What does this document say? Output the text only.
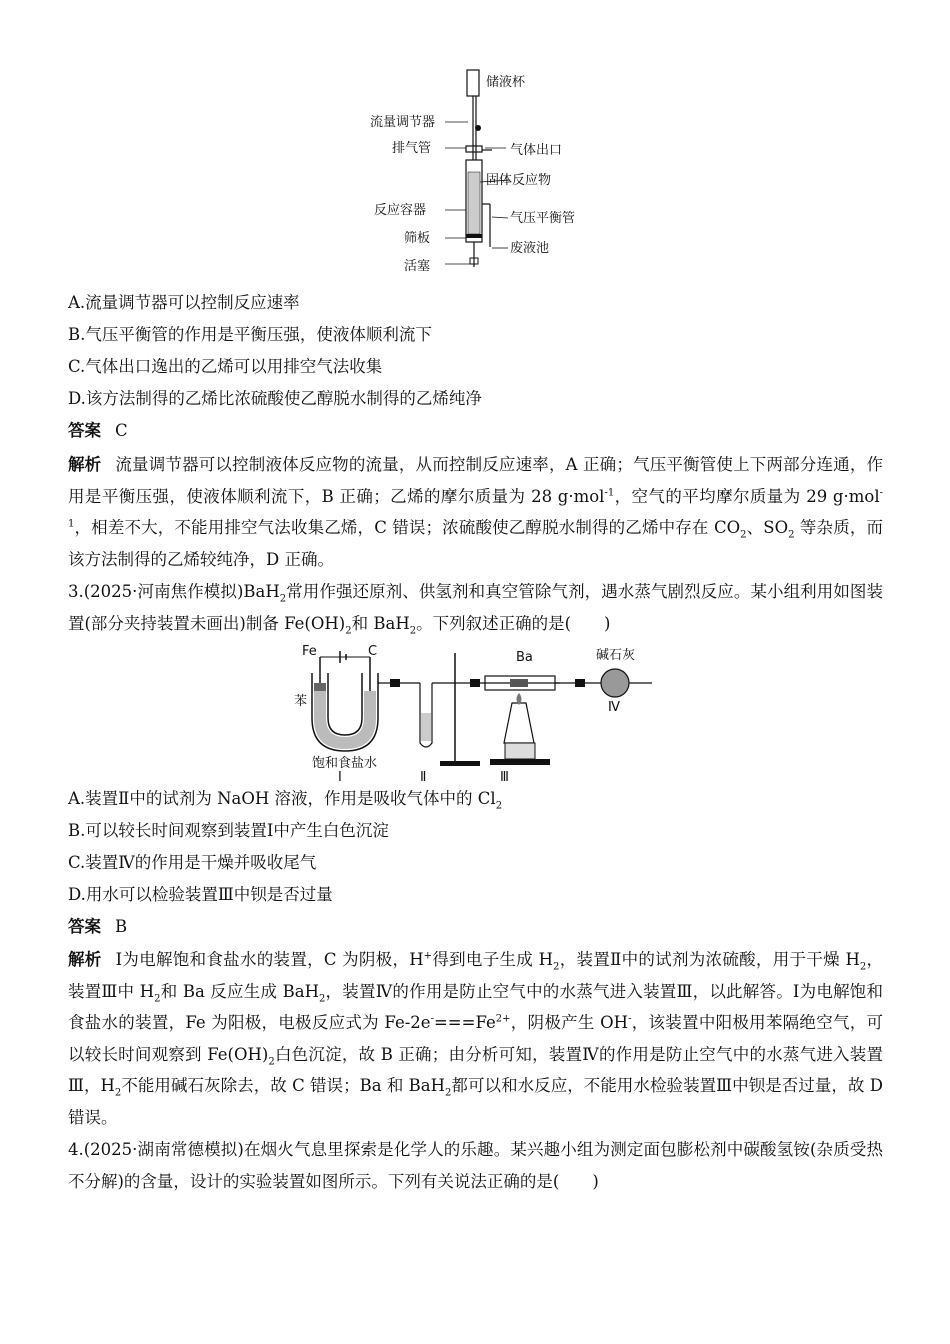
储液杯
流量调节器
排气管	气体出口
固体反应物
反应容器
气压平衡管
筛板
废液池
活塞
A.流量调节器可以控制反应速率
B.气压平衡管的作用是平衡压强，使液体顺利流下
C.气体出口逸出的乙烯可以用排空气法收集
D.该方法制得的乙烯比浓硫酸使乙醇脱水制得的乙烯纯净
答案 C
解析 流量调节器可以控制液体反应物的流量，从而控制反应速率，A 正确；气压平衡管使上下两部分连通，作用是平衡压强，使液体顺利流下，B 正确；乙烯的摩尔质量为 28 g·mol$^{-1}$，空气的平均摩尔质量为 29 g·mol$^{-1}$，相差不大，不能用排空气法收集乙烯，C 错误；浓硫酸使乙醇脱水制得的乙烯中存在 $CO_2$、$SO_2$ 等杂质，而该方法制得的乙烯较纯净，D 正确。
3.(2025·河南焦作模拟)BaH$_2$常用作强还原剂、供氢剂和真空管除气剂，遇水蒸气剧烈反应。某小组利用如图装置(部分夹持装置未画出)制备 $Fe(OH)_2$和 BaH$_2$。下列叙述正确的是(　　)
Fe	C
苯
饱和食盐水
Ba	碱石灰
Ⅰ	Ⅱ	Ⅲ
Ⅳ
A.装置Ⅱ中的试剂为 NaOH 溶液，作用是吸收气体中的 $Cl_2$
B.可以较长时间观察到装置Ⅰ中产生白色沉淀
C.装置Ⅳ的作用是干燥并吸收尾气
D.用水可以检验装置Ⅲ中钡是否过量
答案 B
解析 Ⅰ为电解饱和食盐水的装置，C 为阴极，H+得到电子生成 $H_2$，装置Ⅱ中的试剂为浓硫酸，用于干燥 $H_2$，装置Ⅲ中 $H_2$和 Ba 反应生成 BaH$_2$，装置Ⅳ的作用是防止空气中的水蒸气进入装置Ⅲ，以此解答。Ⅰ为电解饱和食盐水的装置，Fe 为阳极，电极反应式为 $Fe-2e^-===Fe^{2+}$，阴极产生 OH-，该装置中阳极用苯隔绝空气，可以较长时间观察到 $Fe(OH)_2$白色沉淀，故 B 正确；由分析可知，装置Ⅳ的作用是防止空气中的水蒸气进入装置Ⅲ，$H_2$不能用碱石灰除去，故 C 错误；Ba 和 BaH$_2$都可以和水反应，不能用水检验装置Ⅲ中钡是否过量，故 D 错误。
4.(2025·湖南常德模拟)在烟火气息里探索是化学人的乐趣。某兴趣小组为测定面包膨松剂中碳酸氢铵(杂质受热不分解)的含量，设计的实验装置如图所示。下列有关说法正确的是(　　)
